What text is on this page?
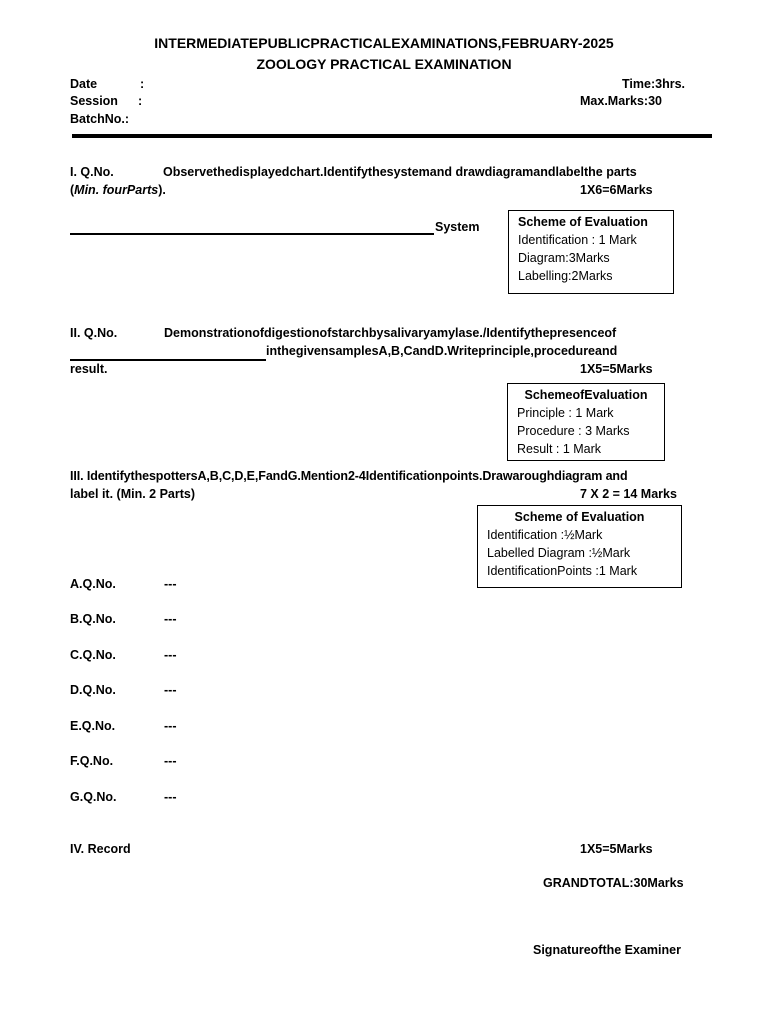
INTERMEDIATEPUBLICPRACTICALEXAMINATIONS,FEBRUARY-2025
ZOOLOGY PRACTICAL EXAMINATION
Date	:	Time:3hrs.
Session :	Max.Marks:30
BatchNo.:
I. Q.No.	Observethedisplayedchart.Identifythesystemand drawdiagramandlabelthe parts
(Min. fourParts).	1X6=6Marks
System	Scheme of Evaluation
Identification : 1 Mark
Diagram:3Marks
Labelling:2Marks
II. Q.No.	Demonstrationofdigestionofstarchbysalivaryamylase./Identifythepresenceof
inthegivensamplesA,B,CandD.Writeprinciple,procedureand
result.	1X5=5Marks
SchemeofEvaluation
Principle : 1 Mark
Procedure : 3 Marks
Result : 1 Mark
III. IdentifythespottersA,B,C,D,E,FandG.Mention2-4Identificationpoints.Drawaroughdiagram and
label it. (Min. 2 Parts)	7 X 2 = 14 Marks
Scheme of Evaluation
Identification :½Mark
Labelled Diagram :½Mark
IdentificationPoints :1 Mark
A.Q.No.	---
B.Q.No.	---
C.Q.No.	---
D.Q.No.	---
E.Q.No.	---
F.Q.No.	---
G.Q.No.	---
IV. Record	1X5=5Marks
GRANDTOTAL:30Marks
Signatureofthe Examiner
